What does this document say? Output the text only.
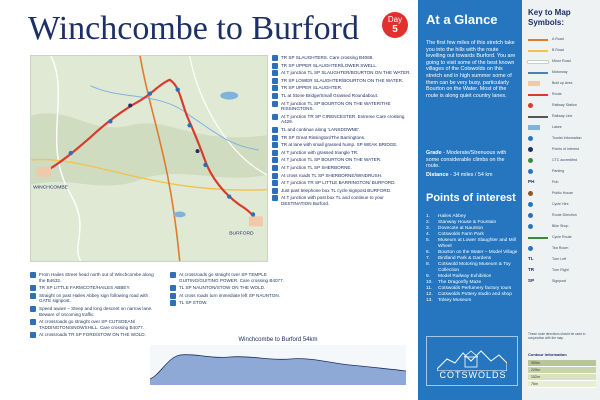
Winchcombe to Burford	Day
5
WINCHCOMBE
BURFORD
TR SP SLAUGHTERS. Care crossing B4068.
TR SP UPPER SLAUGHTER/LOWER SWELL.
At T junction TL SP SLAUGHTER/BOURTON ON THE WATER.
TR SP LOWER SLAUGHTER/BOURTON ON THE WATER.
TR SP UPPER SLAUGHTER.
TL at Stone Bridge/Small Grassed Roundabout.
At T junction TL SP BOURTON ON THE WATER/THE RISSINGTONS.
At T junction TR SP CIRENCESTER. Extreme Care crossing A429.
TL and continue along 'LANSDOWNE'.
TR SP Great Rissington/The Barringtons.
TR at lane with small grassed hump. SP WEAK BRIDGE.
At T junction with grassed triangle TR.
At T junction TL SP BOURTON ON THE WATER.
At T junction TL SP SHERBORNE.
At cross roads TL SP SHERBORNE/WINDRUSH.
At T junction TR SP LITTLE BARRINGTON/ BURFORD.
Just past telephone box TL cycle signpost BURFORD.
At T junction with post box TL and continue to your DESTINATION Burford.
From Hailes Street head north out of Winchcombe along the B4632.
TR SP LITTLE FARMCOTE/HAILES ABBEY.
Straight on past Hailes Abbey sign following road with GATE signpost.
Speed aware – Steep and long descent on narrow lane. Beware of oncoming traffic.
At crossroads go straight over SP CUTSDEAN/ TADDINGTON/SNOWSHILL. Care crossing B4077.
At crossroads TR SP FORD/STOW ON THE WOLD.
At crossroads go straight over SP TEMPLE GUITING/GUITING POWER. Care crossing B4077.
TL SP NAUNTON/STOW ON THE WOLD.
At cross roads turn immediate left SP NAUNTON.
TL SP STOW.
Winchcombe to Burford 54km
At a Glance
The first few miles of this stretch take you into the hills with the route levelling out towards Burford. You are going to visit some of the best known villages of the Cotswolds on this stretch and in high summer some of them can be very busy, particularly Bourton on the Water. Most of the route is along quiet country lanes.
Grade - Moderate/Strenuous with some considerable climbs on the route.
Distance - 34 miles / 54 km
Points of interest
1.	Hailes Abbey
2.	Stanway House & Fountain
3.	Dovecote at Naunton
4.	Cotswolds Farm Park
5.	Museum at Lower Slaughter and Mill Wheel
6.	Bourton on the Water – Model Village
7.	Birdland Park & Gardens
8.	Cotswold Motoring Museum & Toy Collection
9.	Model Railway Exhibition
10.	The Dragonfly Maze
11.	Cotswolds Perfumery factory tours
12.	Cotswolds Pottery studio and shop
13.	Tolsey Museum
COTSWOLDS
Key to Map Symbols:
A Road
B Road
Minor Road
Motorway
Built up Area
Route
Railway Station
Railway Line
Lakes
Tourist Information
Points of Interest
CTC accredited
Parking
PH	Pub
Public House
Cycle Hire
Route Direction
Bike Shop
Cycle Route
Tea Room
TL	Turn Left
TR	Turn Right
SP	Signpost
These route directions should be used in conjunction with the map.
Contour Information
305m
229m
152m
76m
